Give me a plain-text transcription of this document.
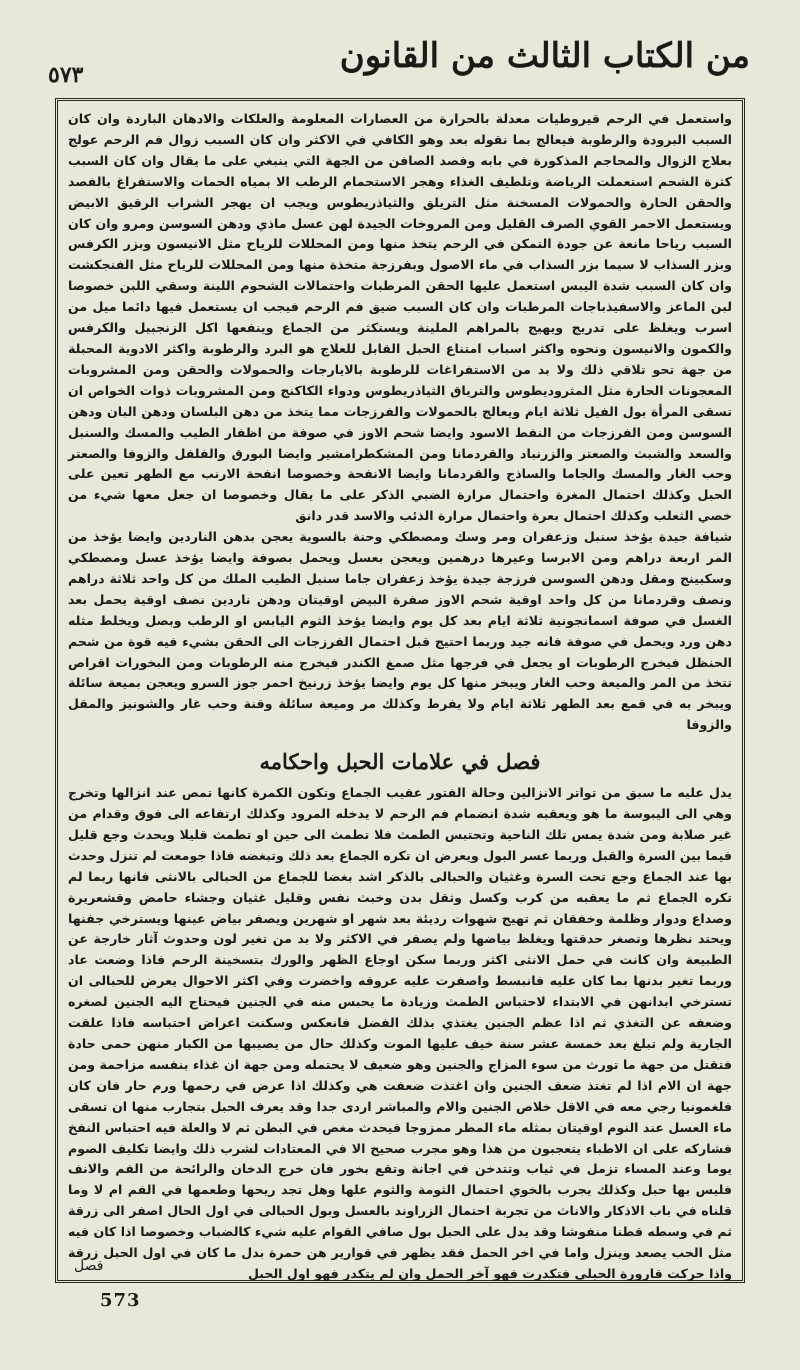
٥٧٣	من الكتاب الثالث من القانون

واستعمل في الرحم قيروطيات معدلة بالحرارة من العصارات المعلومة والعلكات والادهان الباردة وان كان السبب البرودة والرطوبة فيعالج بما نقوله بعد وهو الكافي في الاكثر وان كان السبب زوال فم الرحم عولج بعلاج الزوال والمحاجم المذكورة في بابه وفصد الصافن من الجهة التي ينبغي على ما يقال وان كان السبب كثرة الشحم استعملت الرياضة وتلطيف الغذاء وهجر الاستحمام الرطب الا بمياه الحمات والاستفراغ بالفصد والحقن الحارة والحمولات المسخنة مثل التريلق والثياذريطوس ويجب ان يهجر الشراب الرقيق الابيض ويستعمل الاحمر القوي الصرف القليل ومن المروخات الجيدة لهن عسل ماذي ودهن السوسن ومرو وان كان السبب رياحا مانعة عن جودة التمكن في الرحم يتخذ منها ومن المحللات للرياح مثل الانيسون وبزر الكرفس وبزر السذاب لا سيما بزر السذاب في ماء الاصول وبفرزجة متخذة منها ومن المحللات للرياح مثل الفنجكشت وان كان السبب شدة اليبس استعمل عليها الحقن المرطبات واحتمالات الشحوم اللينة وسقي اللبن خصوصا لبن الماعز والاسفيذباجات المرطبات وان كان السبب ضيق فم الرحم فيجب ان يستعمل فيها دائما ميل من اسرب ويغلظ على تدريج ويهيج بالمراهم الملينة ويستكثر من الجماع وينفعها اكل الزنجبيل والكرفس والكمون والانيسون ونحوه واكثر اسباب امتناع الحبل القابل للعلاج هو البرد والرطوبة واكثر الادوية المحبلة من جهة تحو تلاقي ذلك ولا بد من الاستفراغات للرطوبة بالايارجات والحمولات والحقن ومن المشروبات المعجونات الحارة مثل المثروديطوس والترياق الثياذريطوس ودواء الكاكنج ومن المشروبات ذوات الخواص ان تسقى المرأة بول الفيل ثلاثة ايام ويعالج بالحمولات والفرزجات مما يتخذ من دهن البلسان ودهن البان ودهن السوسن ومن الفرزجات من النفط الاسود وايضا شحم الاوز في صوفة من اظفار الطيب والمسك والسنبل والسعد والشبث والصعتر والزرنباد والقردمانا ومن المشكطرامشير وايضا البورق والفلفل والزوفا والصعتر وحب الغار والمسك والجاما والساذج والقردمانا وايضا الانفحة وخصوصا انفحة الارنب مع الطهر تعين على الحبل وكذلك احتمال المغرة واحتمال مرارة الضبي الذكر على ما يقال وخصوصا ان جعل معها شيء من خصي الثعلب وكذلك احتمال بعرة واحتمال مرارة الذئب والاسد قدر دانق

شيافة جيدة يؤخذ سنبل وزعفران ومر وسك ومصطكي وحنة بالسوية يعجن بدهن الناردين وايضا يؤخذ من المر اربعة دراهم ومن الابرسا وعيرها درهمين ويعجن بعسل ويحمل بصوفة وايضا يؤخذ عسل ومصطكي وسكبينج ومقل ودهن السوسن فرزجة جيدة يؤخذ زعفران جاما سنبل الطيب الملك من كل واحد ثلاثة دراهم ونصف وقردمانا من كل واحد اوقية شحم الاوز صفرة البيض اوقيتان ودهن ناردين نصف اوقية يحمل بعد الغسل في صوفة اسمانجونية ثلاثة ايام بعد كل يوم وايضا يؤخذ الثوم اليابس او الرطب وبصل ويخلط مثله دهن ورد ويحمل في صوفة فانه جيد وربما احتيج قبل احتمال الفرزجات الى الحقن بشيء فيه قوة من شحم الحنظل فيخرج الرطوبات او يجعل في فرجها مثل صمغ الكندر فيخرج منه الرطوبات ومن البخورات اقراص تتخذ من المر والميعة وحب الغار ويبخر منها كل يوم وايضا يؤخذ زرنيخ احمر جوز السرو ويعجن بميعة سائلة ويبخر به في قمع بعد الطهر ثلاثة ايام ولا يفرط وكذلك مر وميعة سائلة وقنة وحب غار والشونيز والمقل والزوفا

فصل في علامات الحبل واحكامه

يدل عليه ما سبق من تواتر الانزالين وحالة الفتور عقيب الجماع وتكون الكمرة كانها تمص عند انزالها وتخرج وهي الى اليبوسة ما هو ويعقبه شدة انضمام فم الرحم لا يدخله المرود وكذلك ارتفاعه الى فوق وقدام من غير صلابة ومن شدة يمس تلك الناحية وتحتبس الطمث فلا تطمث الى حين او تطمث قليلا ويحدث وجع قليل فيما بين السرة والقبل وربما عسر البول ويعرض ان تكره الجماع بعد ذلك وتبغضه فاذا جومعت لم تنزل وحدث بها عند الجماع وجع تحت السرة وغثيان والحبالى بالذكر اشد بغضا للجماع من الحبالى بالانثى فانها ربما لم تكره الجماع ثم ما يعقبه من كرب وكسل وثقل بدن وخبث نفس وقليل غثيان وجشاء حامض وقشعريرة وصداع ودوار وظلمة وخفقان ثم تهيج شهوات رديئة بعد شهر او شهرين ويصفر بياض عينها ويسترخي جفنها ويحتد نظرها وتصغر حدقتها ويغلظ بياضها ولم يصفر في الاكثر ولا بد من تغير لون وحدوث آثار خارجة عن الطبيعة وان كانت في حمل الانثى اكثر وربما سكن اوجاع الظهر والورك بتسخينة الرحم فاذا وضعت عاد وربما تغير بدنها بما كان عليه فانبسط واصفرت عليه عروقه واخضرت وفي اكثر الاحوال يعرض للحبالى ان تسترخي ابدانهن في الابتداء لاحتباس الطمث وزيادة ما يحبس منه في الجنين فيحتاج اليه الجنين لصغره وضعفه عن التغذي ثم اذا عظم الجنين يغتذي بذلك الفضل فانعكس وسكنت اعراض احتباسه فاذا علقت الجارية ولم تبلغ بعد خمسة عشر سنة خيف عليها الموت وكذلك حال من يصيبها من الكبار منهن حمى حادة فتقتل من جهة ما تورث من سوء المزاج والجنين وهو ضعيف لا يحتمله ومن جهة ان غذاء بنفسه مزاحمة ومن جهة ان الام اذا لم تغتذ ضعف الجنين وان اغتذت ضعفت هي وكذلك اذا عرض في رحمها ورم حار فان كان فلغمونيا رجي معه في الاقل خلاص الجنين والام والمباشر اردى جدا وقد يعرف الحبل بتجارب منها ان تسقى ماء العسل عند النوم اوقيتان بمثله ماء المطر ممزوجا فيحدث مغص في البطن ثم لا والعلة فيه احتباس النفخ فشاركه على ان الاطباء يتعجبون من هذا وهو مجرب صحيح الا في المعتادات لشرب ذلك وايضا تكليف الصوم يوما وعند المساء تزمل في ثياب وتتدخن في اجانة وتقع بخور فان خرج الدخان والرائحة من الفم والانف فليس بها حبل وكذلك يجرب بالخوي احتمال الثومة والثوم علها وهل تجد ريحها وطعمها في الفم ام لا وما قلناه في باب الاذكار والاناث من تجربة احتمال الزراوند بالعسل وبول الحبالى في اول الحال اصفر الى زرقة ثم في وسطه قطنا منفوشا وقد يدل على الحبل بول صافي القوام عليه شيء كالضباب وخصوصا اذا كان فيه مثل الحب يصعد وينزل واما في اخر الحمل فقد يظهر في قوارير هن حمرة بدل ما كان في اول الحبل زرقة واذا حركت قارورة الحبلى فتكدرت فهو آخر الحمل وان لم يتكدر فهو اول الحبل

فصل
573
